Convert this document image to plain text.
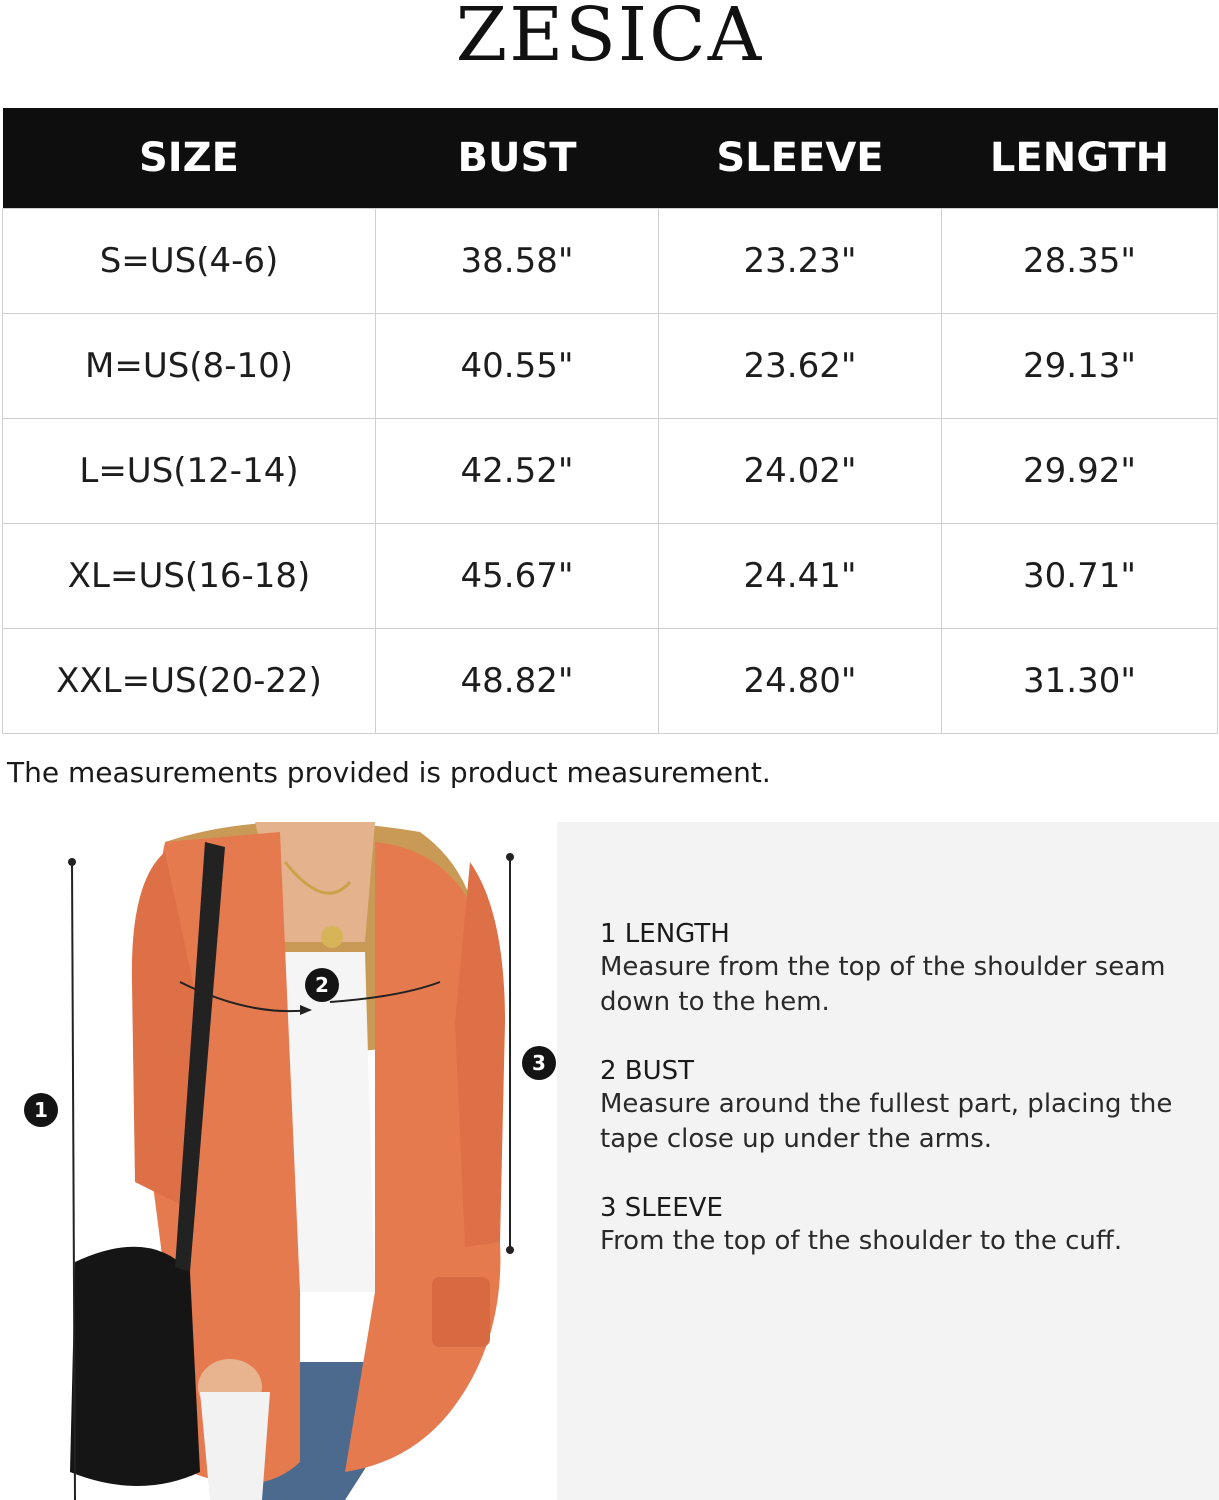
ZESICA
SIZE	BUST	SLEEVE	LENGTH
S=US(4-6)	38.58"	23.23"	28.35"
M=US(8-10)	40.55"	23.62"	29.13"
L=US(12-14)	42.52"	24.02"	29.92"
XL=US(16-18)	45.67"	24.41"	30.71"
XXL=US(20-22)	48.82"	24.80"	31.30"
The measurements provided is product measurement.
1
2
3
1 LENGTH
Measure from the top of the shoulder seam down to the hem.
2 BUST
Measure around the fullest part, placing the tape close up under the arms.
3 SLEEVE
From the top of the shoulder to the cuff.
